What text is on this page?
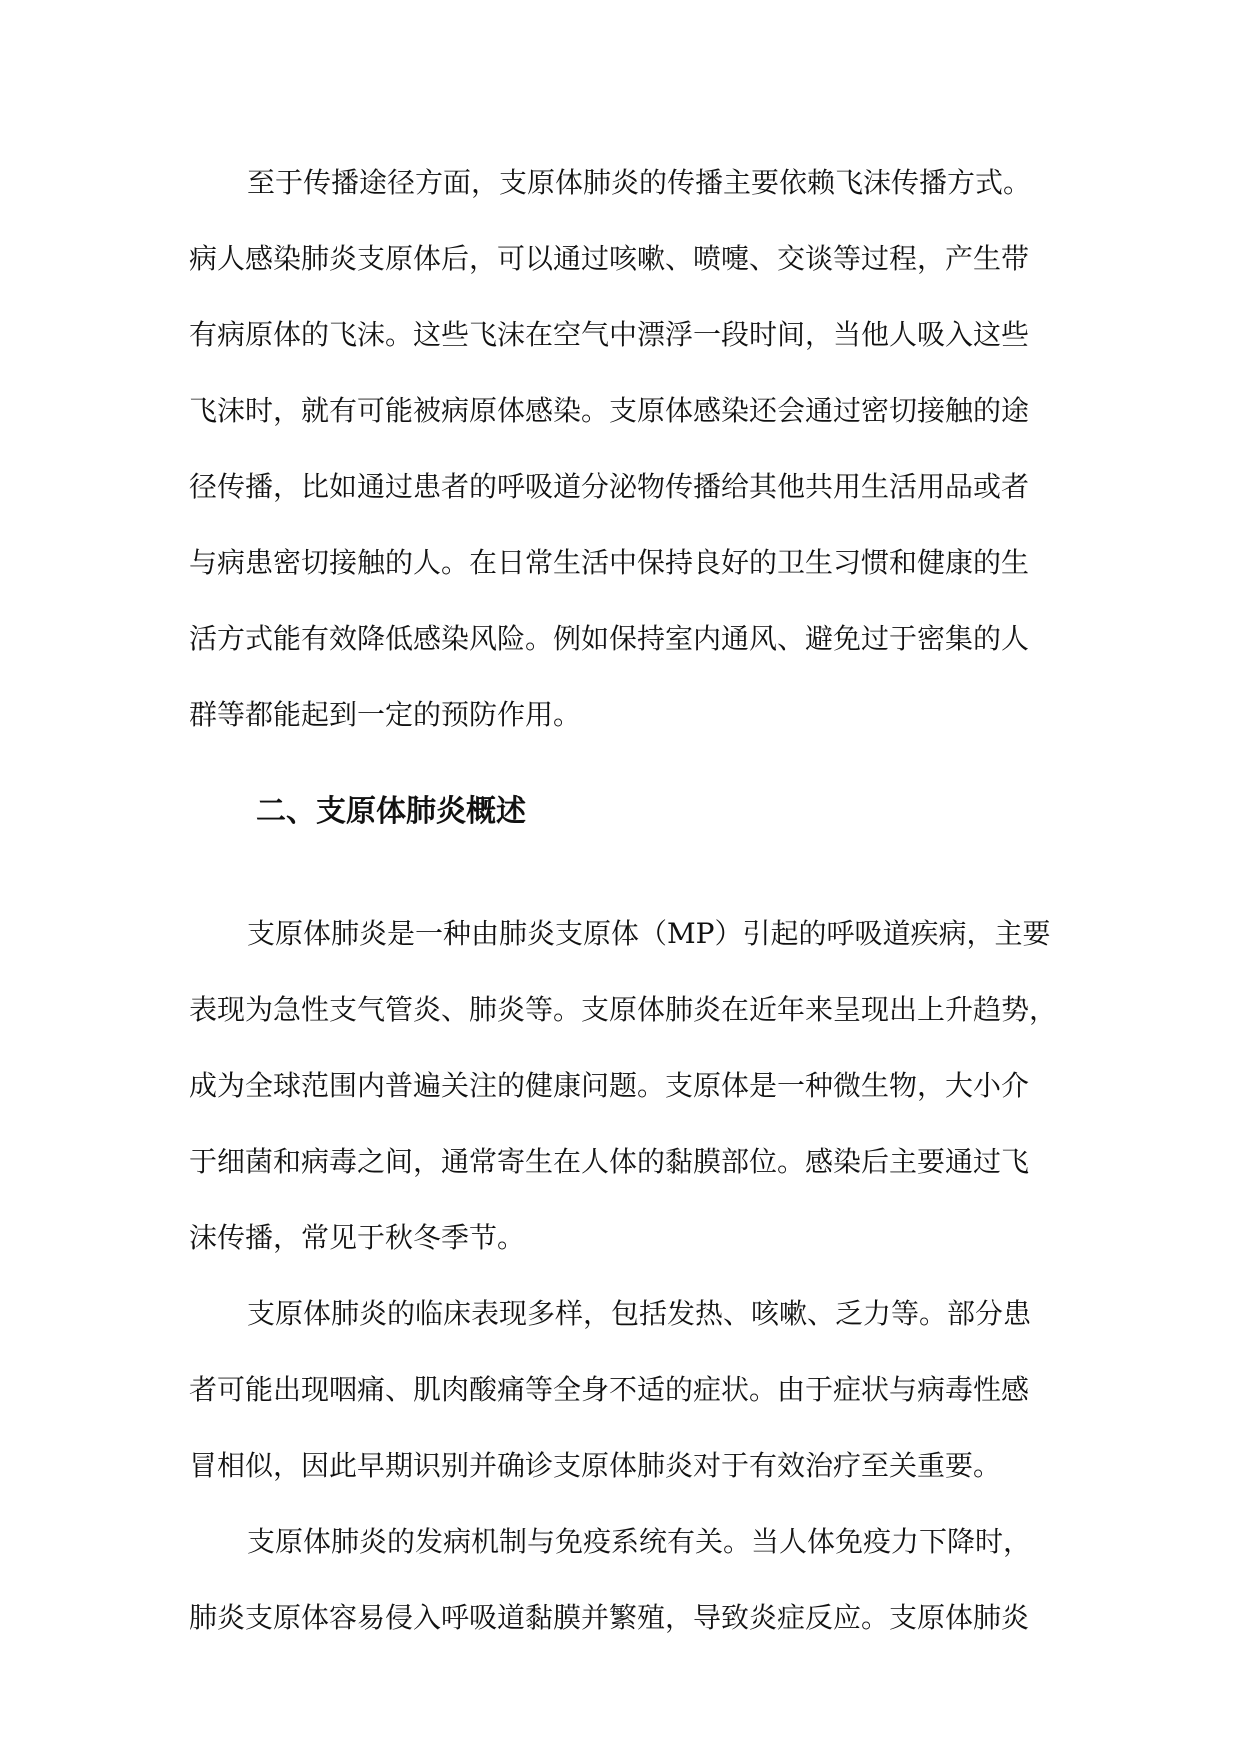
至于传播途径方面，支原体肺炎的传播主要依赖飞沫传播方式。
病人感染肺炎支原体后，可以通过咳嗽、喷嚏、交谈等过程，产生带
有病原体的飞沫。这些飞沫在空气中漂浮一段时间，当他人吸入这些
飞沫时，就有可能被病原体感染。支原体感染还会通过密切接触的途
径传播，比如通过患者的呼吸道分泌物传播给其他共用生活用品或者
与病患密切接触的人。在日常生活中保持良好的卫生习惯和健康的生
活方式能有效降低感染风险。例如保持室内通风、避免过于密集的人
群等都能起到一定的预防作用。
二、支原体肺炎概述
支原体肺炎是一种由肺炎支原体（MP）引起的呼吸道疾病，主要
表现为急性支气管炎、肺炎等。支原体肺炎在近年来呈现出上升趋势，
成为全球范围内普遍关注的健康问题。支原体是一种微生物，大小介
于细菌和病毒之间，通常寄生在人体的黏膜部位。感染后主要通过飞
沫传播，常见于秋冬季节。
支原体肺炎的临床表现多样，包括发热、咳嗽、乏力等。部分患
者可能出现咽痛、肌肉酸痛等全身不适的症状。由于症状与病毒性感
冒相似，因此早期识别并确诊支原体肺炎对于有效治疗至关重要。
支原体肺炎的发病机制与免疫系统有关。当人体免疫力下降时，
肺炎支原体容易侵入呼吸道黏膜并繁殖，导致炎症反应。支原体肺炎
